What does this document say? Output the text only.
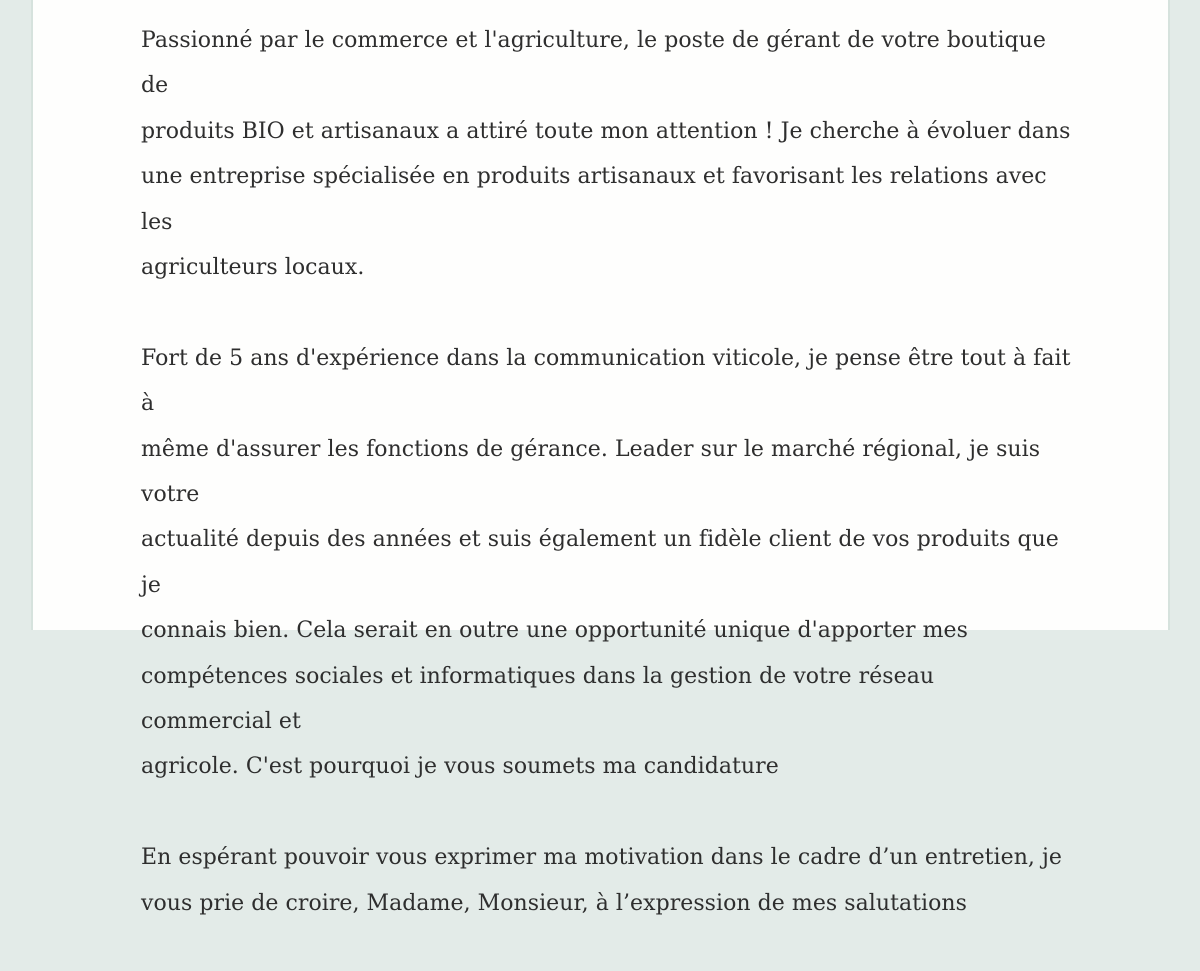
Passionné par le commerce et l'agriculture, le poste de gérant de votre boutique de
produits BIO et artisanaux a attiré toute mon attention ! Je cherche à évoluer dans
une entreprise spécialisée en produits artisanaux et favorisant les relations avec les
agriculteurs locaux.

Fort de 5 ans d'expérience dans la communication viticole, je pense être tout à fait à
même d'assurer les fonctions de gérance. Leader sur le marché régional, je suis votre
actualité depuis des années et suis également un fidèle client de vos produits que je
connais bien. Cela serait en outre une opportunité unique d'apporter mes
compétences sociales et informatiques dans la gestion de votre réseau commercial et
agricole. C'est pourquoi je vous soumets ma candidature

En espérant pouvoir vous exprimer ma motivation dans le cadre d’un entretien, je
vous prie de croire, Madame, Monsieur, à l’expression de mes salutations
